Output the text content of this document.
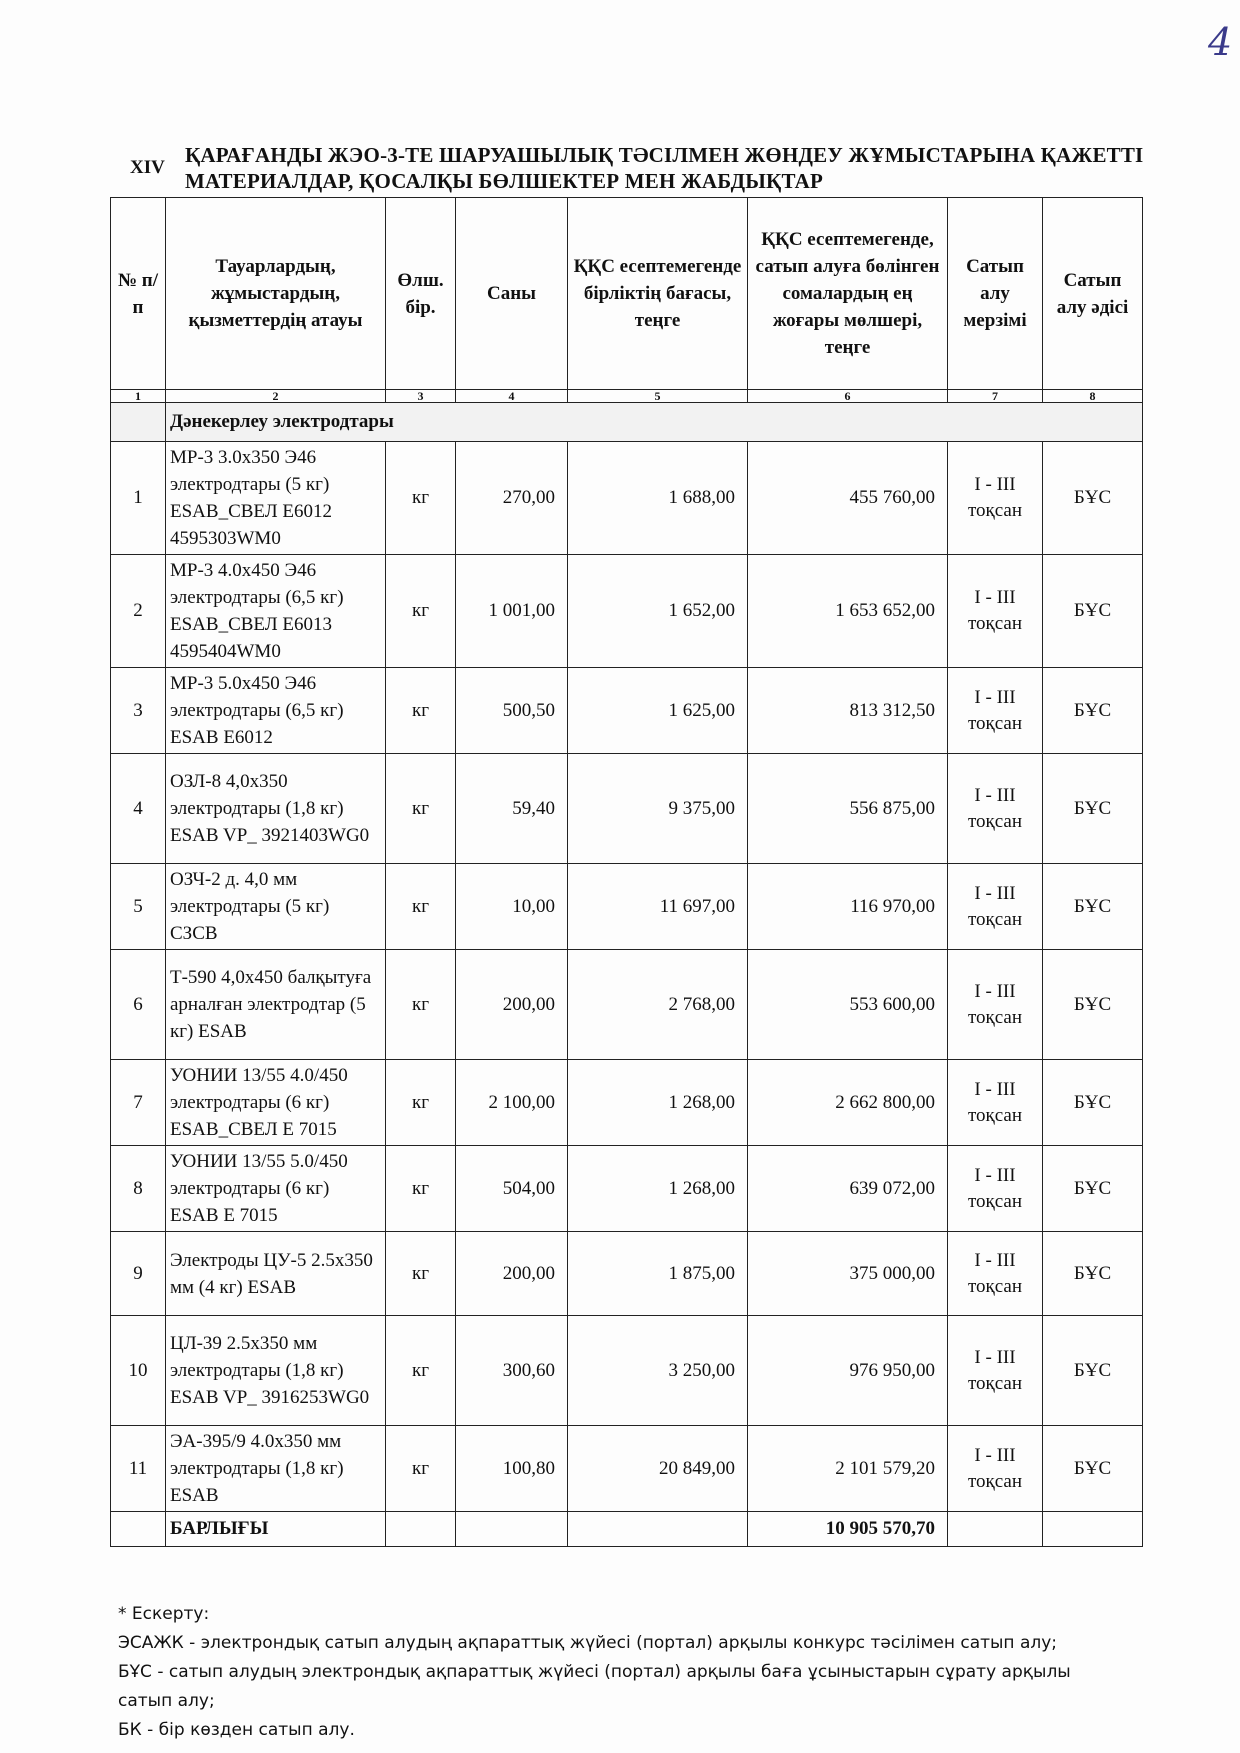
4
XIV
ҚАРАҒАНДЫ ЖЭО-3-ТЕ ШАРУАШЫЛЫҚ ТӘСІЛМЕН ЖӨНДЕУ ЖҰМЫСТАРЫНА ҚАЖЕТТІ МАТЕРИАЛДАР, ҚОСАЛҚЫ БӨЛШЕКТЕР МЕН ЖАБДЫҚТАР
№ п/п	Тауарлардың, жұмыстардың, қызметтердің атауы	Өлш. бір.	Саны	ҚҚС есептемегенде бірліктің бағасы, теңге	ҚҚС есептемегенде, сатып алуға бөлінген сомалардың ең жоғары мөлшері, теңге	Сатып алу мерзімі	Сатып алу әдісі
1	2	3	4	5	6	7	8
	Дәнекерлеу электродтары						
1	МР-3 3.0х350 Э46 электродтары (5 кг) ESAB_СВЕЛ Е6012 4595303WM0	кг	270,00	1 688,00	455 760,00	I - III тоқсан	БҰС
2	МР-3 4.0х450 Э46 электродтары (6,5 кг) ESAB_СВЕЛ Е6013 4595404WM0	кг	1 001,00	1 652,00	1 653 652,00	I - III тоқсан	БҰС
3	МР-3 5.0х450 Э46 электродтары (6,5 кг) ESAB Е6012	кг	500,50	1 625,00	813 312,50	I - III тоқсан	БҰС
4	ОЗЛ-8 4,0х350 электродтары (1,8 кг) ESAB VP_ 3921403WG0	кг	59,40	9 375,00	556 875,00	I - III тоқсан	БҰС
5	ОЗЧ-2 д. 4,0 мм электродтары (5 кг) СЗСВ	кг	10,00	11 697,00	116 970,00	I - III тоқсан	БҰС
6	Т-590 4,0х450 балқытуға арналған электродтар (5 кг) ESAB	кг	200,00	2 768,00	553 600,00	I - III тоқсан	БҰС
7	УОНИИ 13/55 4.0/450 электродтары (6 кг) ESAB_СВЕЛ Е 7015	кг	2 100,00	1 268,00	2 662 800,00	I - III тоқсан	БҰС
8	УОНИИ 13/55 5.0/450 электродтары (6 кг) ESAB E 7015	кг	504,00	1 268,00	639 072,00	I - III тоқсан	БҰС
9	Электроды ЦУ-5 2.5х350 мм (4 кг) ESAB	кг	200,00	1 875,00	375 000,00	I - III тоқсан	БҰС
10	ЦЛ-39 2.5х350 мм электродтары (1,8 кг) ESAB VP_ 3916253WG0	кг	300,60	3 250,00	976 950,00	I - III тоқсан	БҰС
11	ЭА-395/9 4.0х350 мм электродтары (1,8 кг) ESAB	кг	100,80	20 849,00	2 101 579,20	I - III тоқсан	БҰС
	БАРЛЫҒЫ				10 905 570,70		
* Ескерту:
ЭСАЖК - электрондық сатып алудың ақпараттық жүйесі (портал) арқылы конкурс тәсілімен сатып алу;
БҰС - сатып алудың электрондық ақпараттық жүйесі (портал) арқылы баға ұсыныстарын сұрату арқылы сатып алу;
БК - бір көзден сатып алу.
